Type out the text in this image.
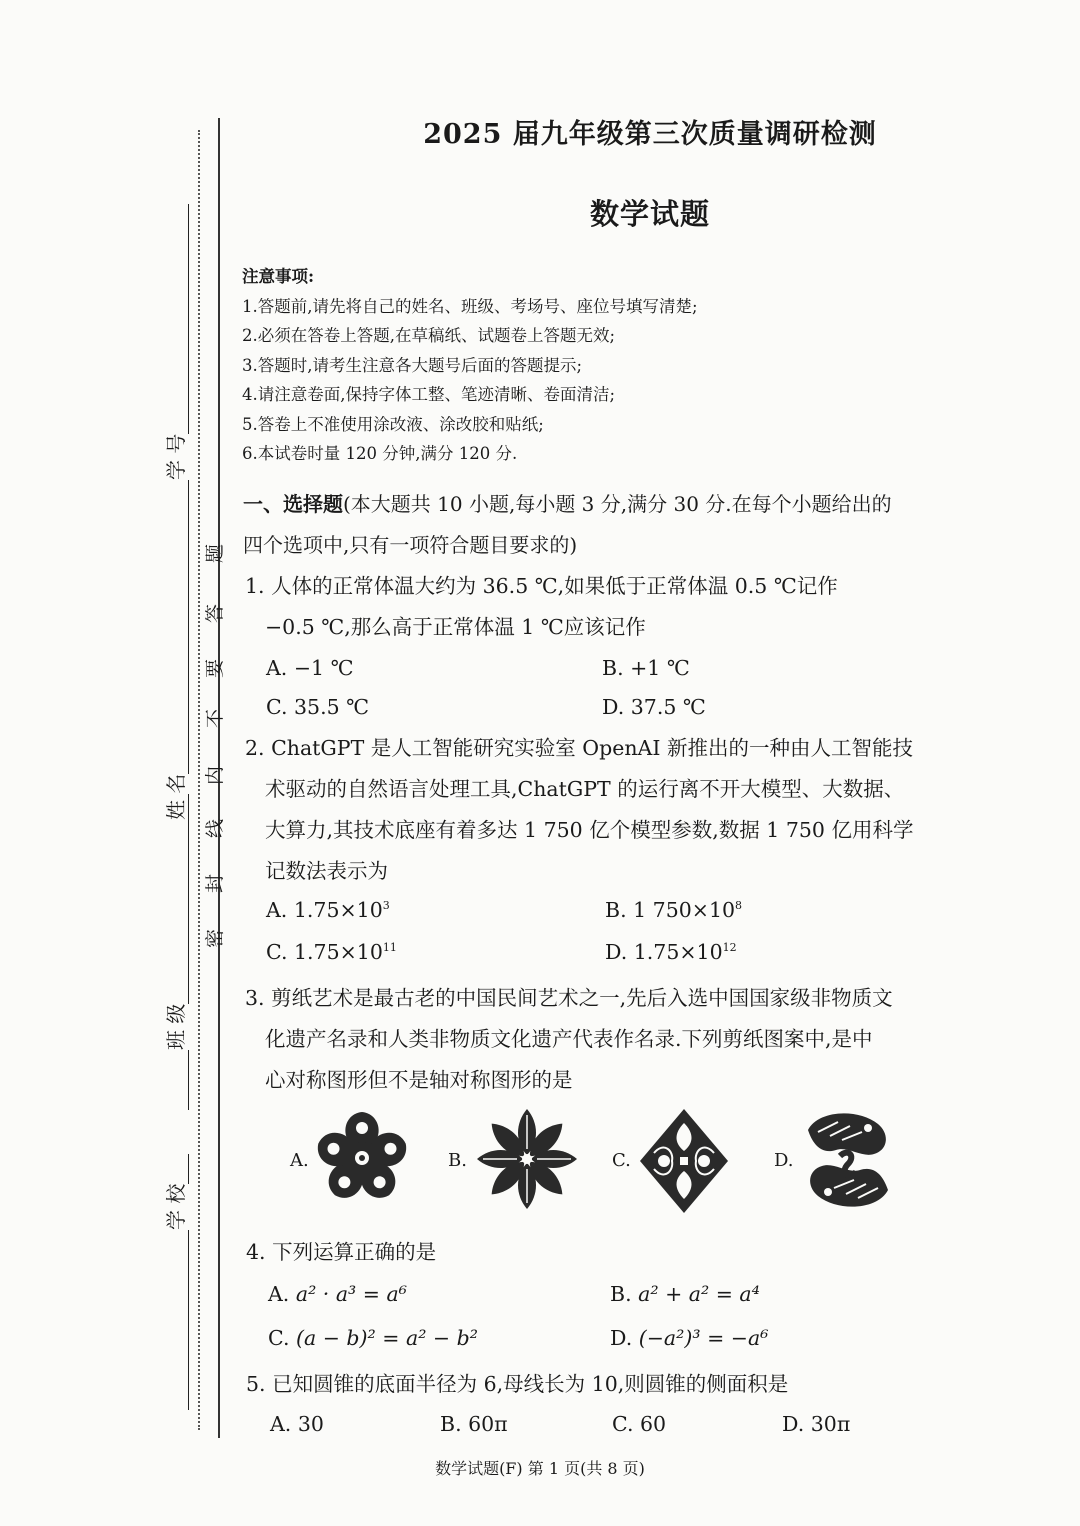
学 号
姓 名
班 级
学 校
题
答
要
不
内
线
封
密
2025 届九年级第三次质量调研检测
数学试题
注意事项:
1.答题前,请先将自己的姓名、班级、考场号、座位号填写清楚;
2.必须在答卷上答题,在草稿纸、试题卷上答题无效;
3.答题时,请考生注意各大题号后面的答题提示;
4.请注意卷面,保持字体工整、笔迹清晰、卷面清洁;
5.答卷上不准使用涂改液、涂改胶和贴纸;
6.本试卷时量 120 分钟,满分 120 分.
一、选择题(本大题共 10 小题,每小题 3 分,满分 30 分.在每个小题给出的
四个选项中,只有一项符合题目要求的)
1. 人体的正常体温大约为 36.5 ℃,如果低于正常体温 0.5 ℃记作
−0.5 ℃,那么高于正常体温 1 ℃应该记作
A. −1 ℃	B. +1 ℃
C. 35.5 ℃	D. 37.5 ℃
2. ChatGPT 是人工智能研究实验室 OpenAI 新推出的一种由人工智能技
术驱动的自然语言处理工具,ChatGPT 的运行离不开大模型、大数据、
大算力,其技术底座有着多达 1 750 亿个模型参数,数据 1 750 亿用科学
记数法表示为
A. $1.75\times 10^3$	B. 1 $750\times 10^8$
C. $1.75\times 10^{11}$	D. $1.75\times 10^{12}$
3. 剪纸艺术是最古老的中国民间艺术之一,先后入选中国国家级非物质文
化遗产名录和人类非物质文化遗产代表作名录.下列剪纸图案中,是中
心对称图形但不是轴对称图形的是
A.	B.	C.	D.
4. 下列运算正确的是
A. a² · a³ = a⁶	B. a² + a² = a⁴
C. (a − b)² = a² − b²	D. (−a²)³ = −a⁶
5. 已知圆锥的底面半径为 6,母线长为 10,则圆锥的侧面积是
A. 30	B. 60π	C. 60	D. 30π
数学试题(F) 第 1 页(共 8 页)
